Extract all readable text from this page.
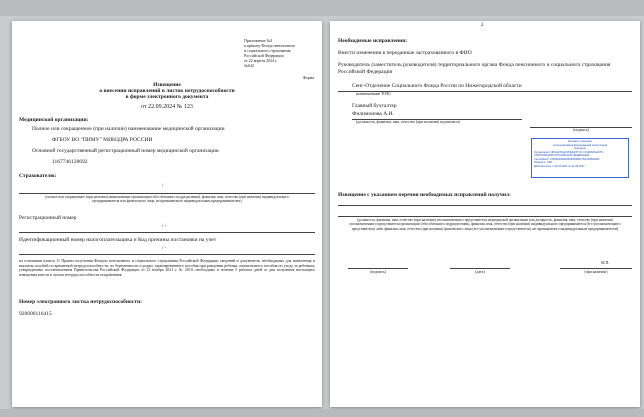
Приложение №3
к приказу Фонда пенсионного
и социального страхования
Российской Федерации
от 22 апреля 2024 г.
№643
Форма
Извещение
о внесении исправлений в листок нетрудоспособности
в форме электронного документа
от 22.09.2024 № 123
Медицинской организации:
Полное или сокращенное (при наличии) наименование медицинской организации
ФГБОУ ВО "ПИМУ" МИНЗДРА РОССИИ
Основной государственный регистрационный номер медицинской организации
1167746128692
Страхователю:
/
(полное или сокращенное (при наличии) наименование организации (обособленного подразделения), фамилия, имя, отчество (при наличии) индивидуального предпринимателя или физического лица, не признаваемого индивидуальным предпринимателем)
Регистрационный номер
/ -
Идентификационный номер налогоплательщика и Код причины постановки на учет
/ -
на основании пункта 11 Правил получения Фондом пенсионного и социального страхования Российской Федерации сведений и документов, необходимых для назначения и выплаты пособий по временной нетрудоспособности, по беременности и родам, единовременного пособия при рождении ребенка, ежемесячного пособия по уходу за ребенком, утвержденных постановлением Правительства Российской Федерации от 23 ноября 2021 г. № 2010, необходимо в течение 5 рабочих дней со дня получения настоящего извещения внести в листок нетрудоспособности исправления:
Номер электронного листка нетрудоспособности:
920000116415
2
Необходимые исправления:
Внести изменения в переданные застрахованного в ФИО
Руководитель (заместитель руководителя) территориального органа Фонда пенсионного и социального страхования Российской Федерации
Сенг-Отделение Социального Фонда России по Нижегородской области
(наименование ТОФ)
Главный бухгалтер
Филимонова А.И.
(должность, фамилия, имя, отчество (при наличии) подписанта)
(подпись)
Документ подписан
усиленной квалифицированной электронной
подписью
Организация: ФОНД ПЕНСИОННОГО И СОЦИАЛЬНОГО
СТРАХОВАНИЯ РОССИЙСКОЙ ФЕДЕРАЦИИ
Сертификат: 0155464825FE64696080FC56C5083A906
Издатель: СФР
Действителен: с 23.04.2024 по 21.06.2027
Извещение с указанием перечня необходимых исправлений получил:
(должность, фамилия, имя, отчество (при наличии) уполномоченного представителя медицинской организации или должность, фамилия, имя, отчество (при наличии) уполномоченного представителя организации (обособленного подразделения), фамилия, имя, отчество (при наличии) индивидуального предпринимателя (его уполномоченного представителя) либо фамилия, имя, отчество (при наличии) физического лица (его уполномоченного представителя), не признаваемого индивидуальным предпринимателем)
М.П.
(подпись)	(дата)	(при наличии)
